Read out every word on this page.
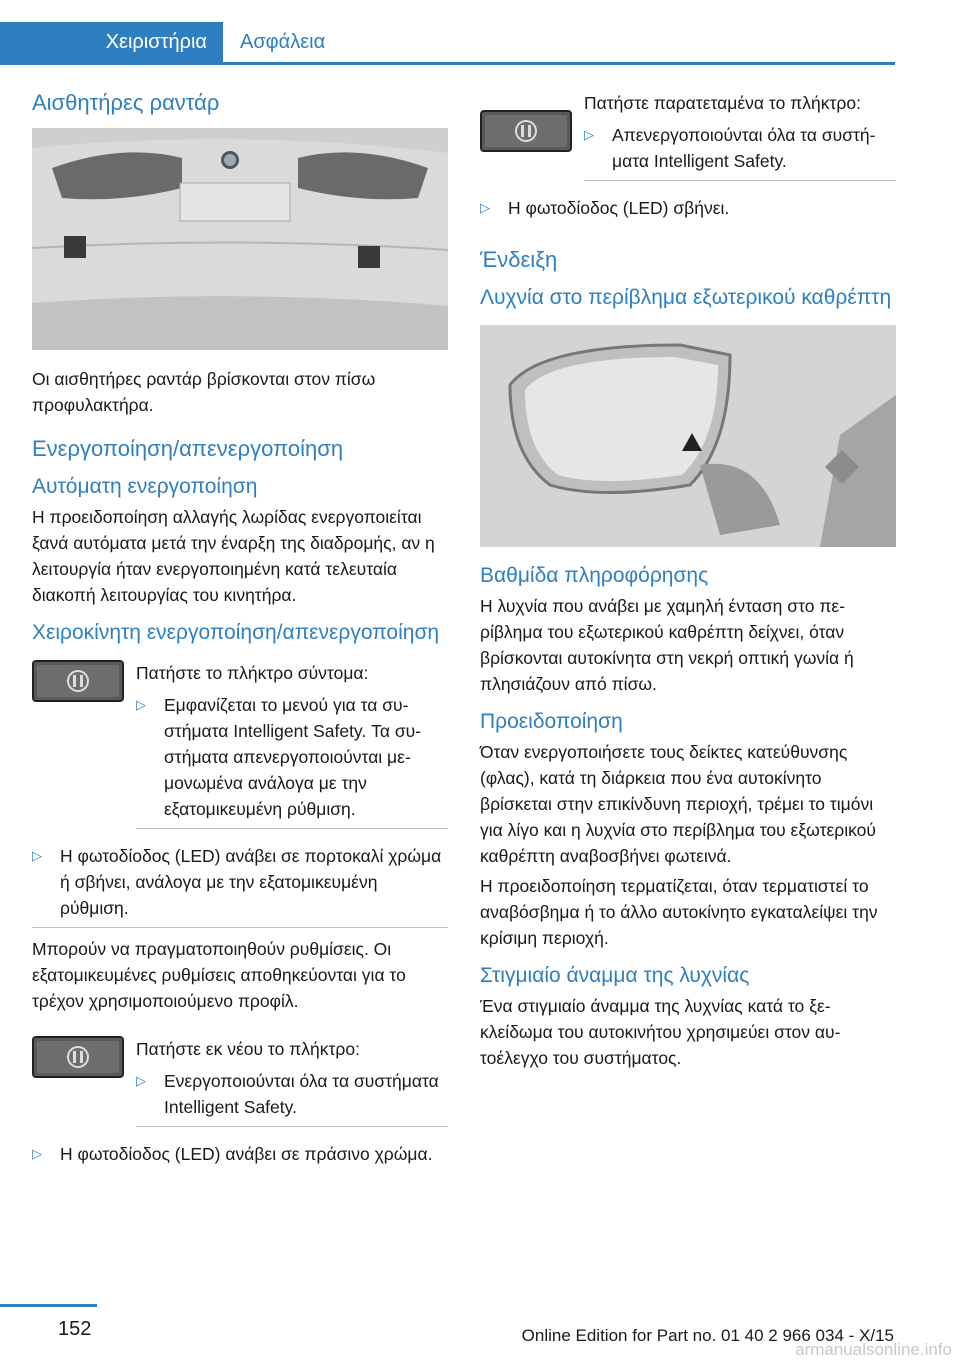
Χειριστήρια	Ασφάλεια
Αισθητήρες ραντάρ

Οι αισθητήρες ραντάρ βρίσκονται στον πίσω προφυλακτήρα.

Ενεργοποίηση/απενεργοποίηση
Αυτόματη ενεργοποίηση

Η προειδοποίηση αλλαγής λωρίδας ενεργοποιείται ξανά αυτόματα μετά την έναρξη της διαδρομής, αν η λειτουργία ήταν ενεργοποιημένη κατά τελευταία διακοπή λειτουργίας του κινητήρα.

Χειροκίνητη ενεργοποίηση/απενεργοποίηση

Πατήστε το πλήκτρο σύντομα:

▷	Εμφανίζεται το μενού για τα συστήματα Intelligent Safety. Τα συστήματα απενεργοποιούνται μεμονωμένα ανάλογα με την εξατομικευμένη ρύθμιση.
▷	Η φωτοδίοδος (LED) ανάβει σε πορτοκαλί χρώμα ή σβήνει, ανάλογα με την εξατομικευμένη ρύθμιση.

Μπορούν να πραγματοποιηθούν ρυθμίσεις. Οι εξατομικευμένες ρυθμίσεις αποθηκεύονται για το τρέχον χρησιμοποιούμενο προφίλ.

Πατήστε εκ νέου το πλήκτρο:

▷	Ενεργοποιούνται όλα τα συστήματα Intelligent Safety.
▷	Η φωτοδίοδος (LED) ανάβει σε πράσινο χρώμα.

Πατήστε παρατεταμένα το πλήκτρο:

▷	Απενεργοποιούνται όλα τα συστήματα Intelligent Safety.
▷	Η φωτοδίοδος (LED) σβήνει.
Ένδειξη
Λυχνία στο περίβλημα εξωτερικού καθρέπτη
Βαθμίδα πληροφόρησης

Η λυχνία που ανάβει με χαμηλή ένταση στο περίβλημα του εξωτερικού καθρέπτη δείχνει, όταν βρίσκονται αυτοκίνητα στη νεκρή οπτική γωνία ή πλησιάζουν από πίσω.

Προειδοποίηση

Όταν ενεργοποιήσετε τους δείκτες κατεύθυνσης (φλας), κατά τη διάρκεια που ένα αυτοκίνητο βρίσκεται στην επικίνδυνη περιοχή, τρέμει το τιμόνι για λίγο και η λυχνία στο περίβλημα του εξωτερικού καθρέπτη αναβοσβήνει φωτεινά.

Η προειδοποίηση τερματίζεται, όταν τερματιστεί το αναβόσβημα ή το άλλο αυτοκίνητο εγκαταλείψει την κρίσιμη περιοχή.

Στιγμιαίο άναμμα της λυχνίας

Ένα στιγμιαίο άναμμα της λυχνίας κατά το ξεκλείδωμα του αυτοκινήτου χρησιμεύει στον αυτοέλεγχο του συστήματος.

152	Online Edition for Part no. 01 40 2 966 034 - X/15
armanualsonline.info
